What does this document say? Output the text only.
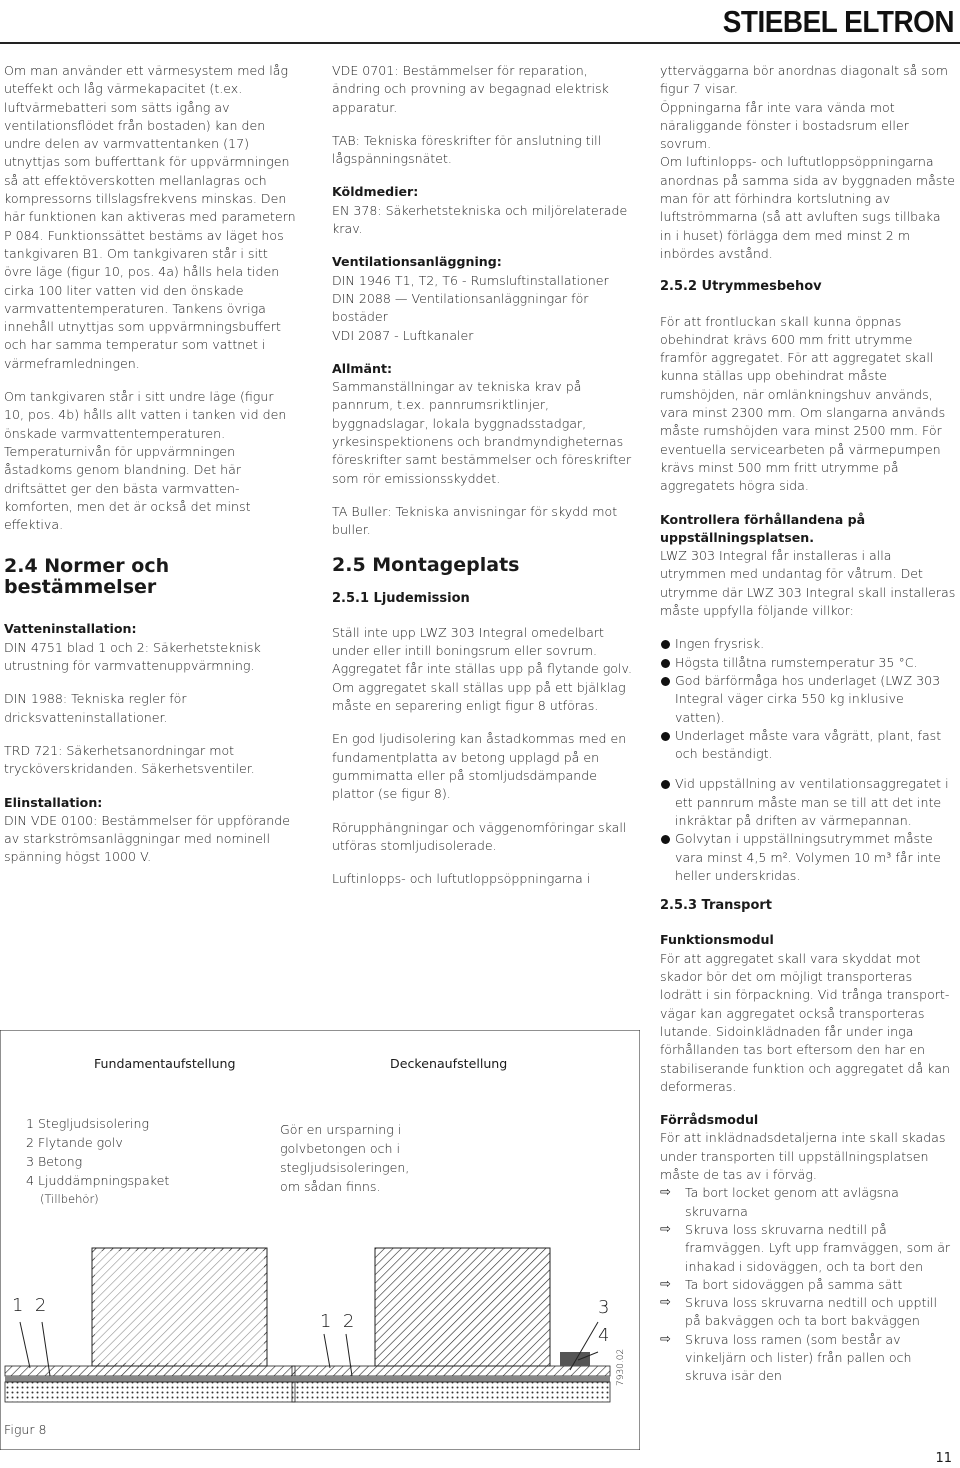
STIEBEL ELTRON

Om man använder ett värmesystem med låg uteffekt och låg värmekapacitet (t.ex. luftvärmebatteri som sätts igång av ventilationsflödet från bostaden) kan den undre delen av varmvattentanken (17) utnyttjas som bufferttank för uppvärmningen så att effektöverskotten mellanlagras och kompressorns tillslagsfrekvens minskas. Den här funktionen kan aktiveras med parametern P 084. Funktionssättet bestäms av läget hos tankgivaren B1. Om tankgivaren står i sitt övre läge (figur 10, pos. 4a) hålls hela tiden cirka 100 liter vatten vid den önskade varmvattentemperaturen. Tankens övriga innehåll utnyttjas som uppvärmningsbuffert och har samma temperatur som vattnet i värmeframledningen.

Om tankgivaren står i sitt undre läge (figur 10, pos. 4b) hålls allt vatten i tanken vid den önskade varmvattentemperaturen. Temperaturnivån för uppvärmningen åstadkoms genom blandning. Det här driftsättet ger den bästa varmvatten-komforten, men det är också det minst effektiva.

2.4 Normer och bestämmelser

Vatteninstallation:
DIN 4751 blad 1 och 2: Säkerhetsteknisk utrustning för varmvattenuppvärmning.

DIN 1988: Tekniska regler för dricksvatteninstallationer.

TRD 721: Säkerhetsanordningar mot trycköverskridanden. Säkerhetsventiler.

Elinstallation:
DIN VDE 0100: Bestämmelser för uppförande av starkströmsanläggningar med nominell spänning högst 1000 V.

VDE 0701: Bestämmelser för reparation, ändring och provning av begagnad elektrisk apparatur.

TAB: Tekniska föreskrifter för anslutning till lågspänningsnätet.

Köldmedier:
EN 378: Säkerhetstekniska och miljörelaterade krav.

Ventilationsanläggning:
DIN 1946 T1, T2, T6 - Rumsluftinstallationer
DIN 2088 — Ventilationsanläggningar för bostäder
VDI 2087 - Luftkanaler

Allmänt:
Sammanställningar av tekniska krav på pannrum, t.ex. pannrumsriktlinjer, byggnadslagar, lokala byggnadsstadgar, yrkesinspektionens och brandmyndigheternas föreskrifter samt bestämmelser och föreskrifter som rör emissionsskyddet.

TA Buller: Tekniska anvisningar för skydd mot buller.

2.5 Montageplats
2.5.1 Ljudemission

Ställ inte upp LWZ 303 Integral omedelbart under eller intill boningsrum eller sovrum. Aggregatet får inte ställas upp på flytande golv. Om aggregatet skall ställas upp på ett bjälklag måste en separering enligt figur 8 utföras.

En god ljudisolering kan åstadkommas med en fundamentplatta av betong upplagd på en gummimatta eller på stomljudsdämpande plattor (se figur 8).

Rörupphängningar och väggenomföringar skall utföras stomljudisolerade.

Luftinlopps- och luftutloppsöppningarna i

ytterväggarna bör anordnas diagonalt så som figur 7 visar.

Öppningarna får inte vara vända mot näraliggande fönster i bostadsrum eller sovrum.

Om luftinlopps- och luftutloppsöppningarna anordnas på samma sida av byggnaden måste man för att förhindra kortslutning av luftströmmarna (så att avluften sugs tillbaka in i huset) förlägga dem med minst 2 m inbördes avstånd.

2.5.2 Utrymmesbehov

För att frontluckan skall kunna öppnas obehindrat krävs 600 mm fritt utrymme framför aggregatet. För att aggregatet skall kunna ställas upp obehindrat måste rumshöjden, när omlänkningshuv används, vara minst 2300 mm. Om slangarna används måste rumshöjden vara minst 2500 mm. För eventuella servicearbeten på värmepumpen krävs minst 500 mm fritt utrymme på aggregatets högra sida.

Kontrollera förhållandena på uppställningsplatsen.
LWZ 303 Integral får installeras i alla utrymmen med undantag för våtrum. Det utrymme där LWZ 303 Integral skall installeras måste uppfylla följande villkor:

Ingen frysrisk.
Högsta tillåtna rumstemperatur 35 °C.
God bärförmåga hos underlaget (LWZ 303 Integral väger cirka 550 kg inklusive vatten).
Underlaget måste vara vågrätt, plant, fast och beständigt.
Vid uppställning av ventilationsaggregatet i ett pannrum måste man se till att det inte inkräktar på driften av värmepannan.
Golvytan i uppställningsutrymmet måste vara minst 4,5 m². Volymen 10 m³ får inte heller underskridas.
2.5.3 Transport

Funktionsmodul
För att aggregatet skall vara skyddat mot skador bör det om möjligt transporteras lodrätt i sin förpackning. Vid trånga transport-vägar kan aggregatet också transporteras lutande. Sidoinklädnaden får under inga förhållanden tas bort eftersom den har en stabiliserande funktion och aggregatet då kan deformeras.

Förrådsmodul
För att inklädnadsdetaljerna inte skall skadas under transporten till uppställningsplatsen måste de tas av i förväg.

⇨ Ta bort locket genom att avlägsna skruvarna
⇨ Skruva loss skruvarna nedtill på framväggen. Lyft upp framväggen, som är inhakad i sidoväggen, och ta bort den
⇨ Ta bort sidoväggen på samma sätt
⇨ Skruva loss skruvarna nedtill och upptill på bakväggen och ta bort bakväggen
⇨ Skruva loss ramen (som består av vinkeljärn och lister) från pallen och skruva isär den
Fundamentaufstellung	Deckenaufstellung
1 Stegljudsisolering
2 Flytande golv
3 Betong
4 Ljuddämpningspaket
(Tillbehör)
Gör en ursparning i golvbetongen och i stegljudsisoleringen, om sådan finns.
1  2
1  2
3
4
7930.02
Figur 8
11
